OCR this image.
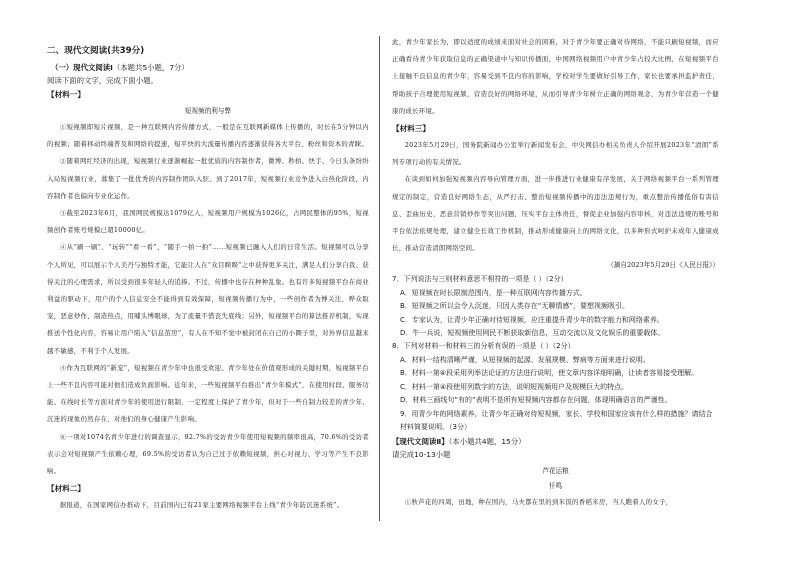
二、现代文阅读(共39分)
（一）现代文阅读Ⅰ（本题共5小题，7分）
阅读下面的文字，完成下面小题。
【材料一】
短视频的利与弊

①短视频即短片视频，是一种互联网内容传播方式，一般是在互联网新媒体上传播的，时长在5分钟以内的视频；随着移动终端普及和网络的提速，短平快的大流量传播内容逐渐获得各大平台、粉丝和资本的青睐。

②随着网红经济的出现，短视频行业逐渐崛起一批优质的内容制作者，微博、秒拍、快手、今日头条纷纷入局短视频行业，募集了一批优秀的内容制作团队入驻。到了2017年，短视频行业竞争进入白热化阶段，内容制作者也偏向专业化运作。

③截至2023年6月，我国网民规模达1079亿人，短视频用户规模为1026亿，占网民整体的95%，短视频创作者账号规模已超10000亿。

④从“刷一刷”、“玩转”“看一看”、“随手一拍一拍”……短视频已融入人们的日常生活。短视频可以分享个人所见，可以展示个人美丹与独特才能，它能让人在“众目睽睽”之中获得更多关注，满足人们分享自我、获得关注的心理需求，所以受到很多年轻人的追捧。不过，传播中也存在种种乱象。也有许多短视频平台在商业利益的驱动下，用户的个人信息安全不能得到有效保障，短视频传播行为中，一些创作者为博关注，哗众取宠，恶意炒作、制造热点，用噱头博眼球，为了流量不惜丧失底线；另外，短视频平台的算法推荐机制，实现推送个性化内容，容易让用户陷入“信息茧房”，有人在不知不觉中被封闭在自己的小圈子里，对外界信息越来越不敏感，不利于个人发展。

⑤作为互联网的“新宠”，短视频在青少年中也很受欢迎。青少年处在价值观形成的关键时期，短视频平台上一些不良内容可能对他们造成负面影响。近年来，一些短视频平台推出“青少年模式”，在使用时段、服务功能、在线时长等方面对青少年的使用进行限制，一定程度上保护了青少年，但对于一些自制力较差的青少年，沉迷的现象仍然存在，对他们的身心健康产生影响。

⑥一项对1074名青少年进行的调查显示，92.7%的受访青少年使用短视频的频率很高，70.6%的受访者表示会对短视频产生依赖心理，69.5%的受访者认为自己过于依赖短视频，担心对视力、学习等产生不良影响。

【材料二】

据报道，在国家网信办推动下，目前国内已有21家主要网络视频平台上线“青少年防沉迷系统”。

此，青少年家长为，即以适度的成绩来面对社会的困难，对于青少年要正确对待网络，不能只刷短视频，而应正确看待青少年获取信息的正确渠道中与知识传播面，中国网络视频用户中青少年占较大比例，在短视频平台上接触不良信息的青少年，容易受到不良内容的影响，学校对学生要做好引导工作，家长也要承担监护责任，帮助孩子合理使用短视频，营造良好的网络环境，从而引导青少年树立正确的网络观念，为青少年营造一个健康的成长环境。

【材料三】

2023年5月29日，国务院新闻办公室举行新闻发布会，中央网信办相关负责人介绍开展2023年“清朗”系列专项行动的有关情况。

在谈到如何加强短视频内容导向管理方面，进一步推进行业健康有序发展，关于网络视频平台一系列管理规定的制定，营造良好网络生态，从严打击、整治短视频传播中的违法违规行为，重点整治传播低俗有害信息、歪曲历史、恶意营销炒作等突出问题，压实平台主体责任，督促企业加强内容审核，对违法违规的账号和平台依法依规处理，建立健全长效工作机制，推动形成健康向上的网络文化，以多种形式呵护未成年人健康成长，推动营造清朗网络空间。

（摘自2023年5月29日《人民日报》）

7．下列说法与三则材料意思不相符的一项是（ ）（2分）

A．短视频在时长限制范围内，是一种互联网内容传播方式。

B．短视频之所以会令人沉迷，只因人类存在“无聊情感”，要想视频吸引。

C．专家认为，让青少年正确对待短视频，应注重提升青少年的数字能力和网络素养。

D．牛一兵说，短视频使用网民不断获取新信息，互动交流以及文化娱乐的重要载体。

8．下列对材料一和材料三的分析有误的一项是（ ）（2分）

A．材料一结构清晰严谨，从短视频的起源、发展规模、弊病等方面来进行说明。

B．材料一第④段采用列举法论证的方法进行说明，使文章内容详细明确，让读者容易接受理解。

C．材料一第④段使用列数字的方法，说明短视频用户及规模巨大的特点。

D．材料三画线句“有的”表明不是所有短视频内容都存在问题，体现明确语言的严谨性。

9．用青少年的网络素养，让青少年正确对待短视频，家长、学校和国家应该有什么样的措施？请结合材料简要说明。（3分）

【现代文阅读Ⅱ】（本小题共4题，15分）
请完成10-13小题
芦花运粮
仟鸣

①秋芦花的四周，田地，种在国内，马夫都在里的到米饭的香稻米房，当人瞧着人的女子，
